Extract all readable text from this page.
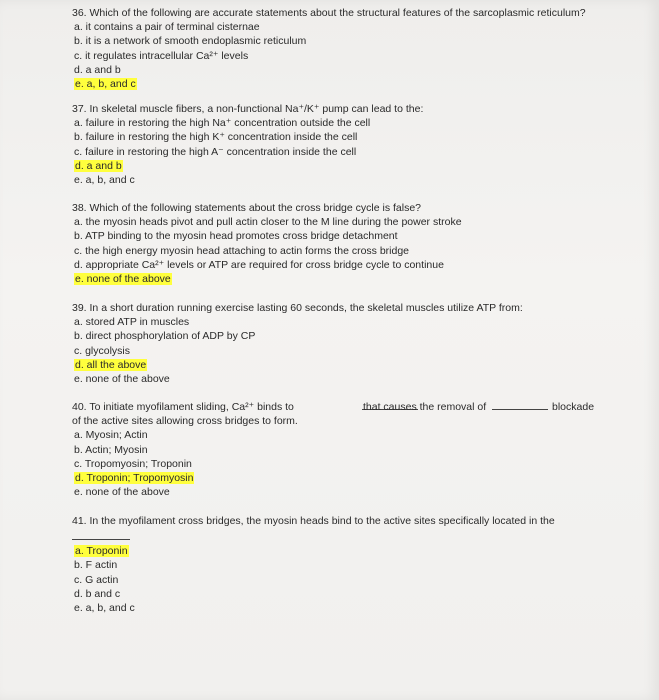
36. Which of the following are accurate statements about the structural features of the sarcoplasmic reticulum?
a. it contains a pair of terminal cisternae
b. it is a network of smooth endoplasmic reticulum
c. it regulates intracellular Ca²⁺ levels
d. a and b
e. a, b, and c
37. In skeletal muscle fibers, a non-functional Na⁺/K⁺ pump can lead to the:
a. failure in restoring the high Na⁺ concentration outside the cell
b. failure in restoring the high K⁺ concentration inside the cell
c. failure in restoring the high A⁻ concentration inside the cell
d. a and b
e. a, b, and c
38. Which of the following statements about the cross bridge cycle is false?
a. the myosin heads pivot and pull actin closer to the M line during the power stroke
b. ATP binding to the myosin head promotes cross bridge detachment
c. the high energy myosin head attaching to actin forms the cross bridge
d. appropriate Ca²⁺ levels or ATP are required for cross bridge cycle to continue
e. none of the above
39. In a short duration running exercise lasting 60 seconds, the skeletal muscles utilize ATP from:
a. stored ATP in muscles
b. direct phosphorylation of ADP by CP
c. glycolysis
d. all the above
e. none of the above
40. To initiate myofilament sliding, Ca²⁺ binds to	that causes the removal of	blockade
of the active sites allowing cross bridges to form.
a. Myosin; Actin
b. Actin; Myosin
c. Tropomyosin; Troponin
d. Troponin; Tropomyosin
e. none of the above
41. In the myofilament cross bridges, the myosin heads bind to the active sites specifically located in the
a. Troponin
b. F actin
c. G actin
d. b and c
e. a, b, and c
